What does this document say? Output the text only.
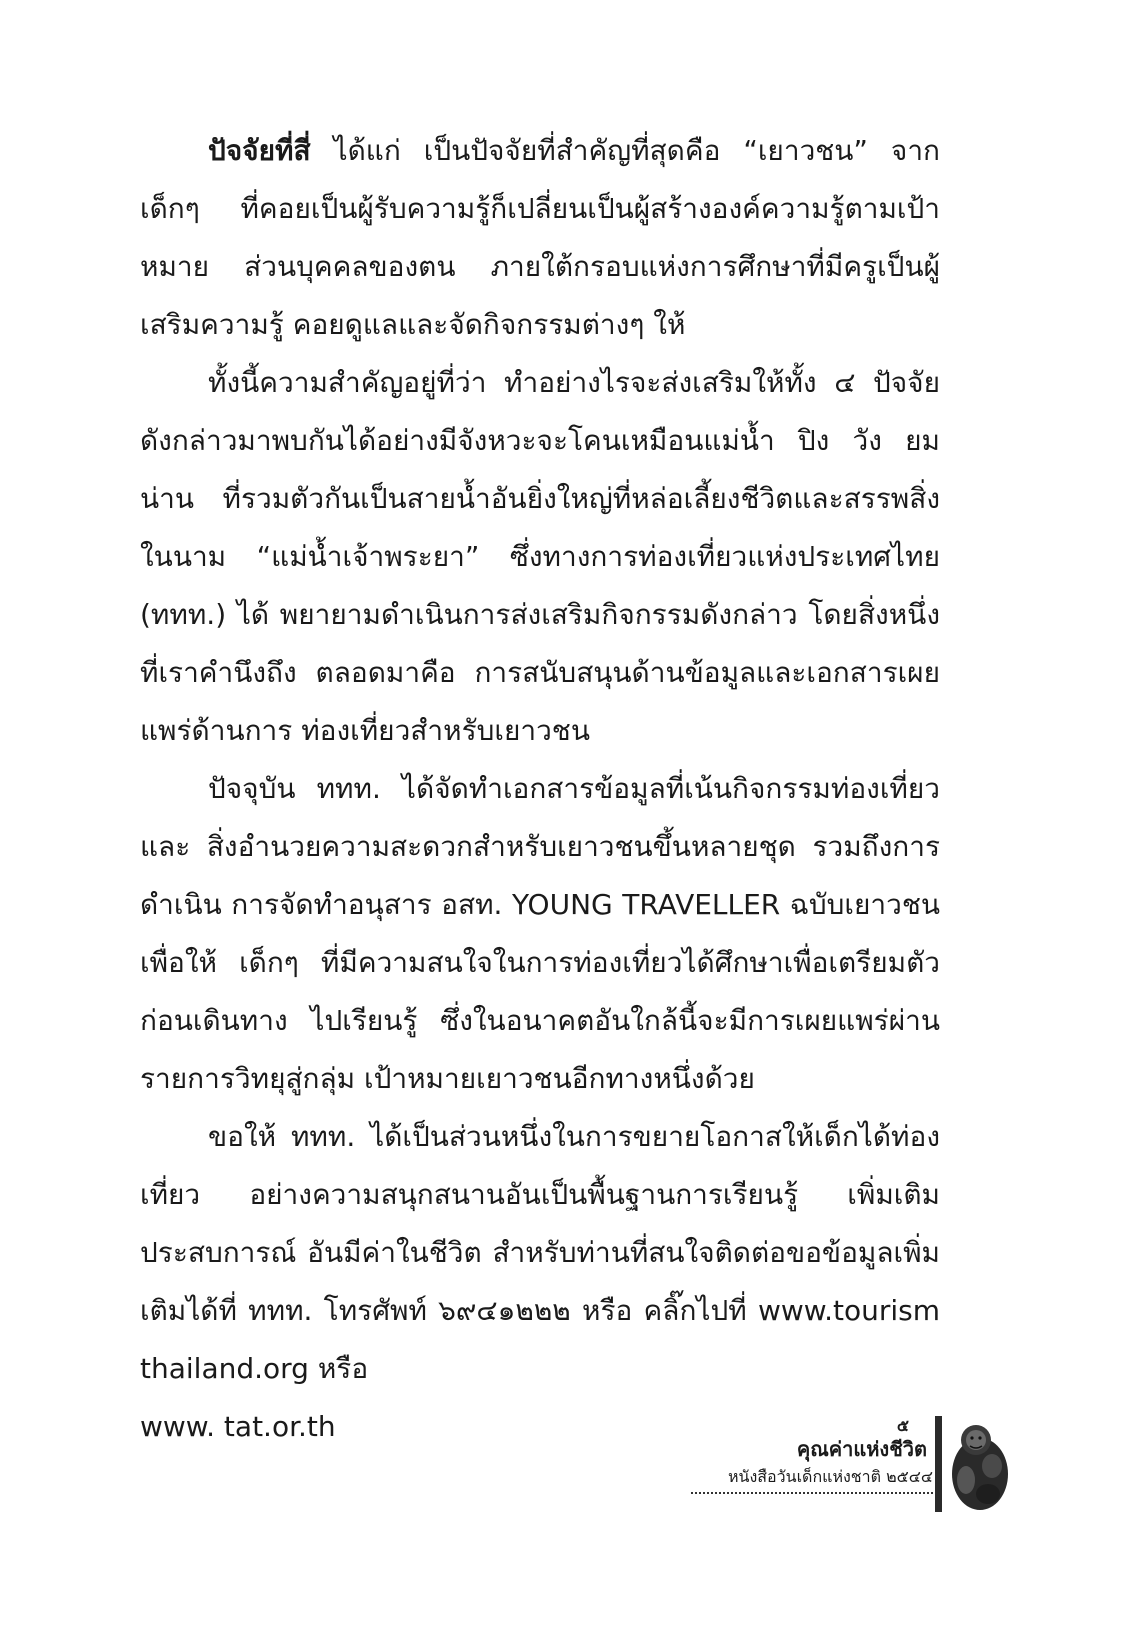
ปัจจัยที่สี่ ได้แก่ เป็นปัจจัยที่สำคัญที่สุดคือ “เยาวชน” จากเด็กๆ ที่คอยเป็นผู้รับความรู้ก็เปลี่ยนเป็นผู้สร้างองค์ความรู้ตามเป้าหมาย ส่วนบุคคลของตน ภายใต้กรอบแห่งการศึกษาที่มีครูเป็นผู้เสริมความรู้ คอยดูแลและจัดกิจกรรมต่างๆ ให้

ทั้งนี้ความสำคัญอยู่ที่ว่า ทำอย่างไรจะส่งเสริมให้ทั้ง ๔ ปัจจัย ดังกล่าวมาพบกันได้อย่างมีจังหวะจะโคนเหมือนแม่น้ำ ปิง วัง ยม น่าน ที่รวมตัวกันเป็นสายน้ำอันยิ่งใหญ่ที่หล่อเลี้ยงชีวิตและสรรพสิ่งในนาม “แม่น้ำเจ้าพระยา” ซึ่งทางการท่องเที่ยวแห่งประเทศไทย (ททท.) ได้ พยายามดำเนินการส่งเสริมกิจกรรมดังกล่าว โดยสิ่งหนึ่งที่เราคำนึงถึง ตลอดมาคือ การสนับสนุนด้านข้อมูลและเอกสารเผยแพร่ด้านการ ท่องเที่ยวสำหรับเยาวชน

ปัจจุบัน ททท. ได้จัดทำเอกสารข้อมูลที่เน้นกิจกรรมท่องเที่ยวและ สิ่งอำนวยความสะดวกสำหรับเยาวชนขึ้นหลายชุด รวมถึงการดำเนิน การจัดทำอนุสาร อสท. YOUNG TRAVELLER ฉบับเยาวชน เพื่อให้ เด็กๆ ที่มีความสนใจในการท่องเที่ยวได้ศึกษาเพื่อเตรียมตัวก่อนเดินทาง ไปเรียนรู้ ซึ่งในอนาคตอันใกล้นี้จะมีการเผยแพร่ผ่านรายการวิทยุสู่กลุ่ม เป้าหมายเยาวชนอีกทางหนึ่งด้วย

ขอให้ ททท. ได้เป็นส่วนหนึ่งในการขยายโอกาสให้เด็กได้ท่องเที่ยว อย่างความสนุกสนานอันเป็นพื้นฐานการเรียนรู้ เพิ่มเติมประสบการณ์ อันมีค่าในชีวิต สำหรับท่านที่สนใจติดต่อขอข้อมูลเพิ่มเติมได้ที่ ททท. โทรศัพท์ ๖๙๔๑๒๒๒ หรือ คลิ๊กไปที่ www.tourism thailand.org หรือ

www. tat.or.th	๕
คุณค่าแห่งชีวิต
หนังสือวันเด็กแห่งชาติ ๒๕๔๔
